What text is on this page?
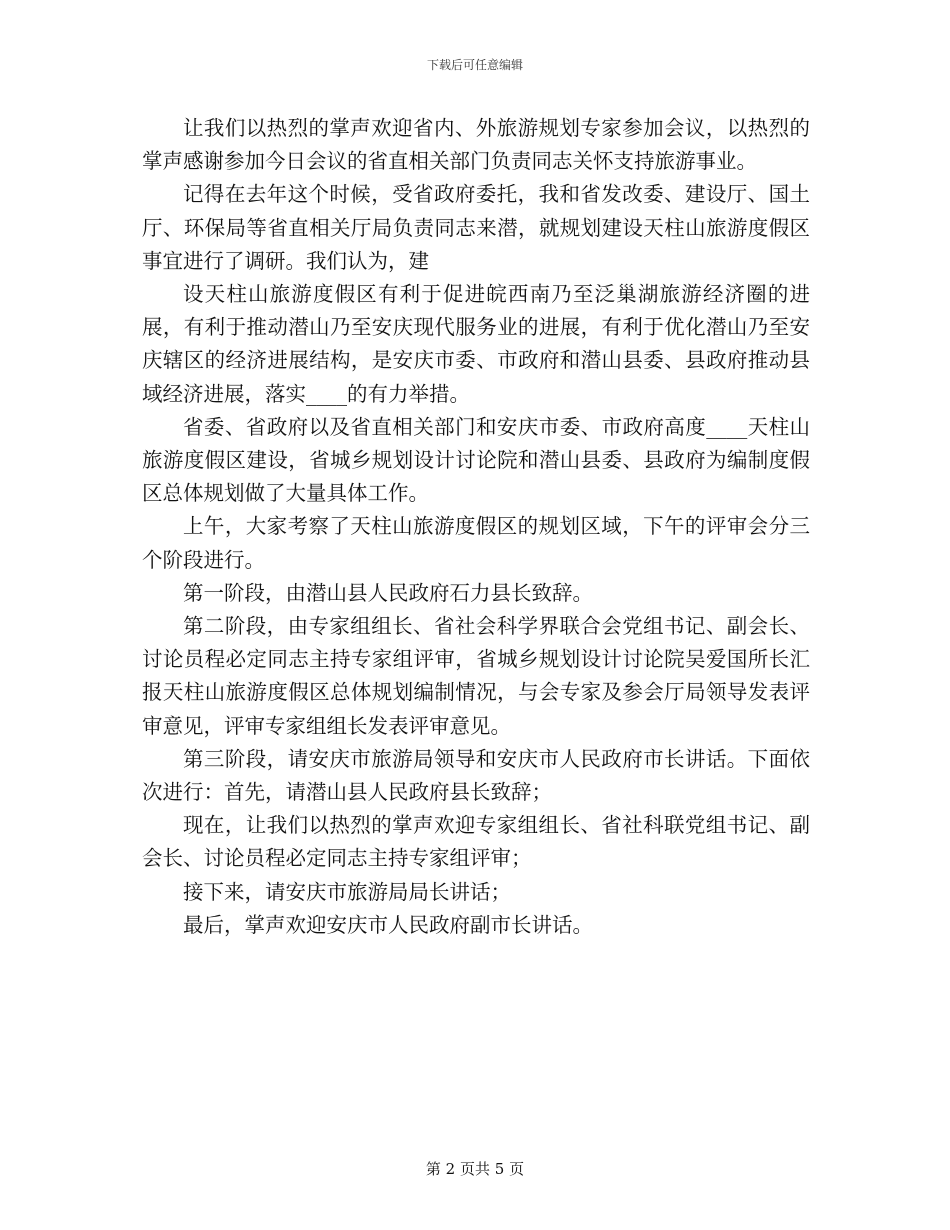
下载后可任意编辑

让我们以热烈的掌声欢迎省内、外旅游规划专家参加会议，以热烈的掌声感谢参加今日会议的省直相关部门负责同志关怀支持旅游事业。

记得在去年这个时候，受省政府委托，我和省发改委、建设厅、国土厅、环保局等省直相关厅局负责同志来潜，就规划建设天柱山旅游度假区事宜进行了调研。我们认为，建

设天柱山旅游度假区有利于促进皖西南乃至泛巢湖旅游经济圈的进展，有利于推动潜山乃至安庆现代服务业的进展，有利于优化潜山乃至安庆辖区的经济进展结构，是安庆市委、市政府和潜山县委、县政府推动县域经济进展，落实____的有力举措。

省委、省政府以及省直相关部门和安庆市委、市政府高度____天柱山旅游度假区建设，省城乡规划设计讨论院和潜山县委、县政府为编制度假区总体规划做了大量具体工作。

上午，大家考察了天柱山旅游度假区的规划区域，下午的评审会分三个阶段进行。

第一阶段，由潜山县人民政府石力县长致辞。

第二阶段，由专家组组长、省社会科学界联合会党组书记、副会长、讨论员程必定同志主持专家组评审，省城乡规划设计讨论院吴爱国所长汇报天柱山旅游度假区总体规划编制情况，与会专家及参会厅局领导发表评审意见，评审专家组组长发表评审意见。

第三阶段，请安庆市旅游局领导和安庆市人民政府市长讲话。下面依次进行：首先，请潜山县人民政府县长致辞；

现在，让我们以热烈的掌声欢迎专家组组长、省社科联党组书记、副会长、讨论员程必定同志主持专家组评审；

接下来，请安庆市旅游局局长讲话；

最后，掌声欢迎安庆市人民政府副市长讲话。

第 2 页共 5 页
